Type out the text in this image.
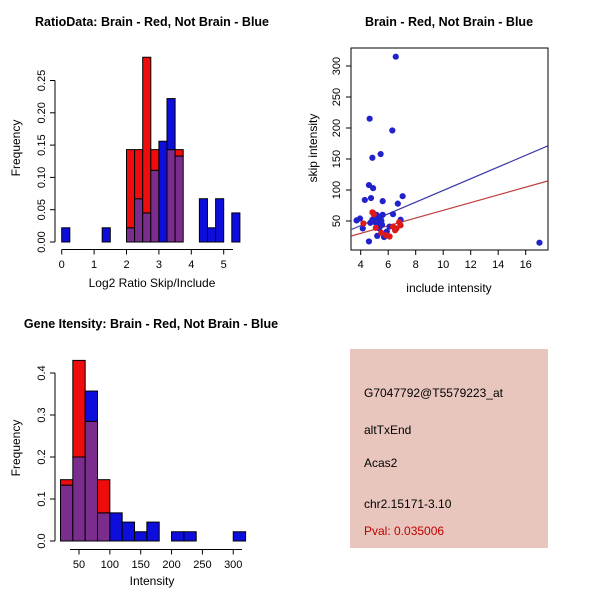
0.00
0.05
0.10
0.15
0.20
0.25
0 1 2 3 4 5	4 6 8 10 12 14 16
50
100
150
200
250
300
0.0
0.1
0.2
0.3
0.4
50 100 150 200 250 300
RatioData: Brain - Red, Not Brain - Blue	Brain - Red, Not Brain - Blue
Gene Itensity: Brain - Red, Not Brain - Blue
Log2 Ratio Skip/Include
Frequency
include intensity
skip intensity
Intensity
Frequency
G7047792@T5579223_at
altTxEnd
Acas2
chr2.15171-3.10
Pval: 0.035006
